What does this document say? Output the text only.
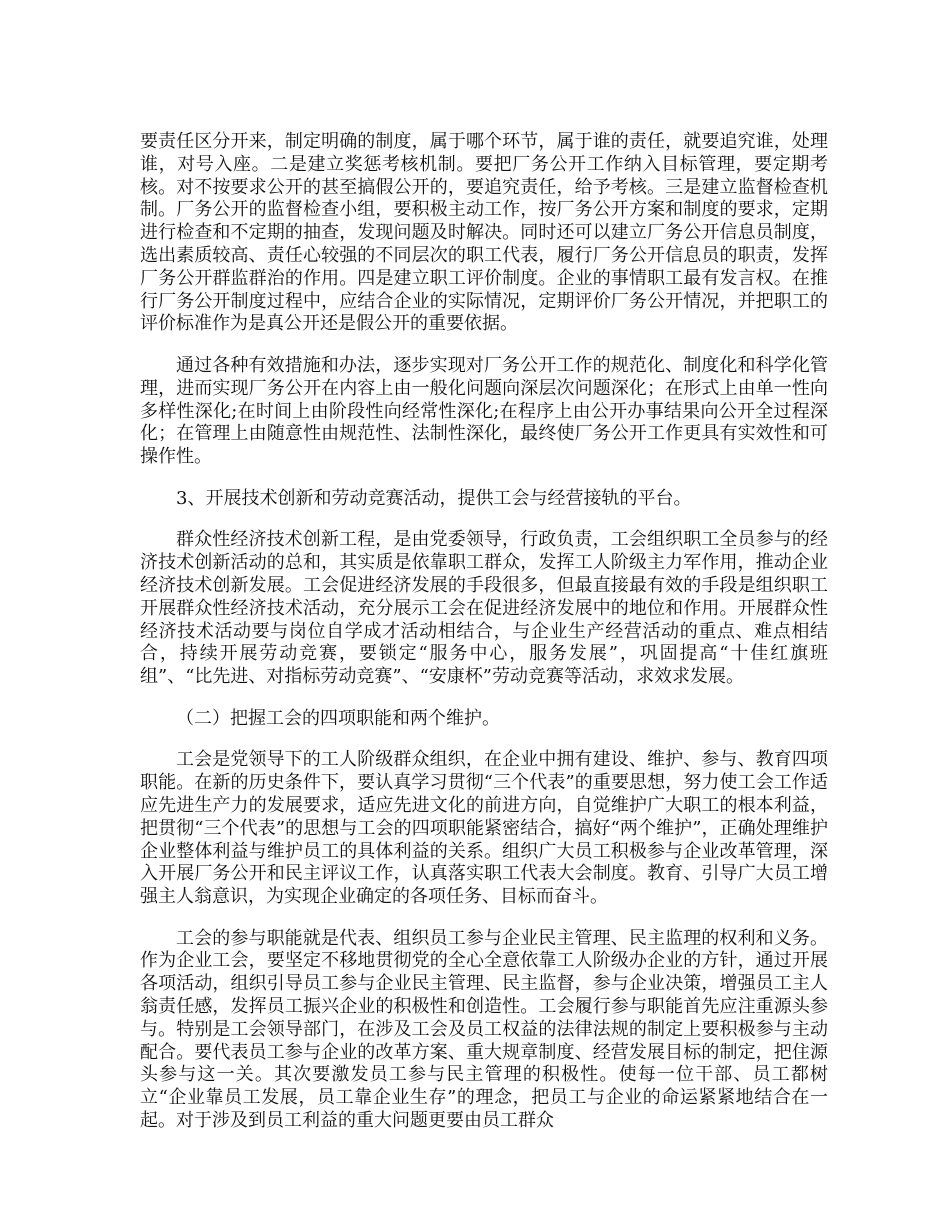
要责任区分开来，制定明确的制度，属于哪个环节，属于谁的责任，就要追究谁，处理谁，对号入座。二是建立奖惩考核机制。要把厂务公开工作纳入目标管理，要定期考核。对不按要求公开的甚至搞假公开的，要追究责任，给予考核。三是建立监督检查机制。厂务公开的监督检查小组，要积极主动工作，按厂务公开方案和制度的要求，定期进行检查和不定期的抽查，发现问题及时解决。同时还可以建立厂务公开信息员制度，选出素质较高、责任心较强的不同层次的职工代表，履行厂务公开信息员的职责，发挥厂务公开群监群治的作用。四是建立职工评价制度。企业的事情职工最有发言权。在推行厂务公开制度过程中，应结合企业的实际情况，定期评价厂务公开情况，并把职工的评价标准作为是真公开还是假公开的重要依据。

通过各种有效措施和办法，逐步实现对厂务公开工作的规范化、制度化和科学化管理，进而实现厂务公开在内容上由一般化问题向深层次问题深化；在形式上由单一性向多样性深化;在时间上由阶段性向经常性深化;在程序上由公开办事结果向公开全过程深化；在管理上由随意性由规范性、法制性深化，最终使厂务公开工作更具有实效性和可操作性。

3、开展技术创新和劳动竞赛活动，提供工会与经营接轨的平台。

群众性经济技术创新工程，是由党委领导，行政负责，工会组织职工全员参与的经济技术创新活动的总和，其实质是依靠职工群众，发挥工人阶级主力军作用，推动企业经济技术创新发展。工会促进经济发展的手段很多，但最直接最有效的手段是组织职工开展群众性经济技术活动，充分展示工会在促进经济发展中的地位和作用。开展群众性经济技术活动要与岗位自学成才活动相结合，与企业生产经营活动的重点、难点相结合，持续开展劳动竞赛，要锁定“服务中心，服务发展”，巩固提高“十佳红旗班组”、“比先进、对指标劳动竞赛”、“安康杯”劳动竞赛等活动，求效求发展。

（二）把握工会的四项职能和两个维护。

工会是党领导下的工人阶级群众组织，在企业中拥有建设、维护、参与、教育四项职能。在新的历史条件下，要认真学习贯彻“三个代表”的重要思想，努力使工会工作适应先进生产力的发展要求，适应先进文化的前进方向，自觉维护广大职工的根本利益，把贯彻“三个代表”的思想与工会的四项职能紧密结合，搞好“两个维护”，正确处理维护企业整体利益与维护员工的具体利益的关系。组织广大员工积极参与企业改革管理，深入开展厂务公开和民主评议工作，认真落实职工代表大会制度。教育、引导广大员工增强主人翁意识，为实现企业确定的各项任务、目标而奋斗。

工会的参与职能就是代表、组织员工参与企业民主管理、民主监理的权利和义务。作为企业工会，要坚定不移地贯彻党的全心全意依靠工人阶级办企业的方针，通过开展各项活动，组织引导员工参与企业民主管理、民主监督，参与企业决策，增强员工主人翁责任感，发挥员工振兴企业的积极性和创造性。工会履行参与职能首先应注重源头参与。特别是工会领导部门，在涉及工会及员工权益的法律法规的制定上要积极参与主动配合。要代表员工参与企业的改革方案、重大规章制度、经营发展目标的制定，把住源头参与这一关。其次要激发员工参与民主管理的积极性。使每一位干部、员工都树立“企业靠员工发展，员工靠企业生存”的理念，把员工与企业的命运紧紧地结合在一起。对于涉及到员工利益的重大问题更要由员工群众
